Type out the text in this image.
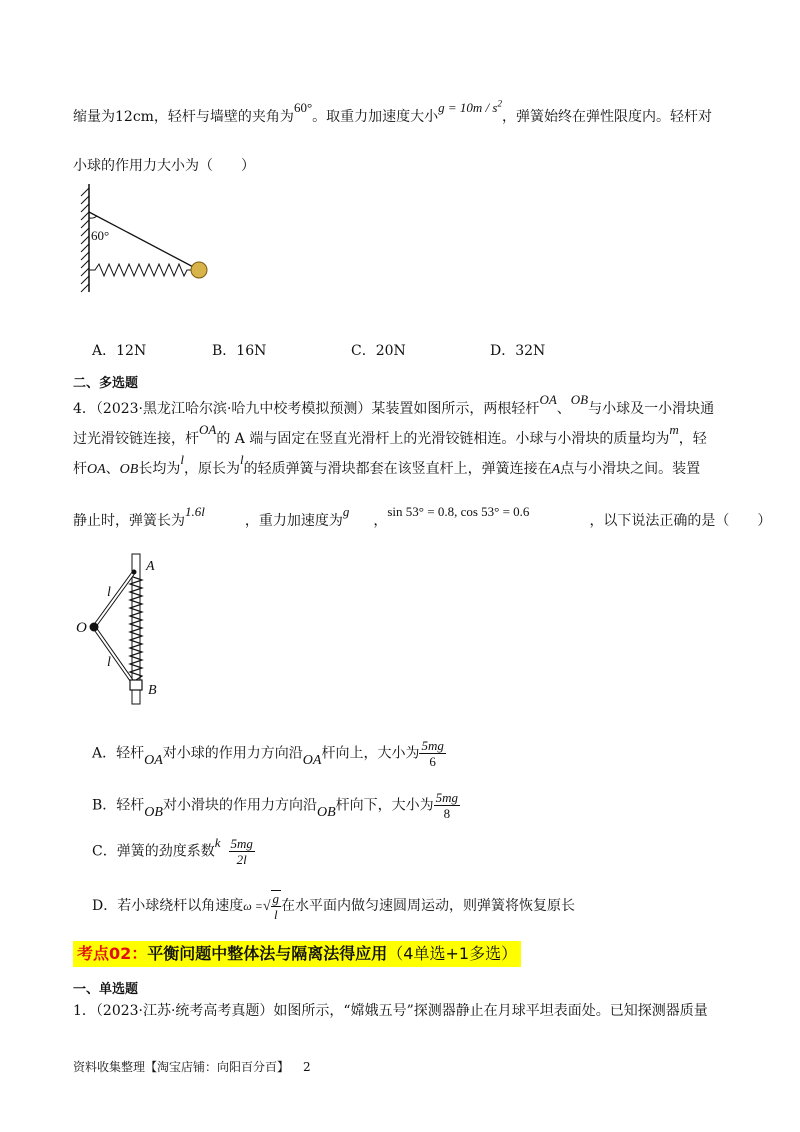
缩量为12cm，轻杆与墙壁的夹角为60°。取重力加速度大小$g = 10m / s^2$，弹簧始终在弹性限度内。轻杆对
小球的作用力大小为（　　）
60°
A．12N	B．16N	C．20N	D．32N
二、多选题
4．（2023·黑龙江哈尔滨·哈九中校考模拟预测）某装置如图所示，两根轻杆OA、OB与小球及一小滑块通
过光滑铰链连接，杆OA的 A 端与固定在竖直光滑杆上的光滑铰链相连。小球与小滑块的质量均为m，轻
杆OA、OB长均为l，原长为l的轻质弹簧与滑块都套在该竖直杆上，弹簧连接在A点与小滑块之间。装置
静止时，弹簧长为1.6l，重力加速度为g，sin 53° = 0.8, cos 53° = 0.6，以下说法正确的是（　　）
A
O
B
l
l
A．轻杆OA对小球的作用力方向沿OA杆向上，大小为 $\frac{5mg}{6}$
B．轻杆OB对小滑块的作用力方向沿OB杆向下，大小为 $\frac{5mg}{8}$
C．弹簧的劲度系数k $\frac{5mg}{2l}$
D．若小球绕杆以角速度ω =√ $\frac{g}{l}$ 在水平面内做匀速圆周运动，则弹簧将恢复原长
考点02：平衡问题中整体法与隔离法得应用（4单选+1多选）
一、单选题
1．（2023·江苏·统考高考真题）如图所示，“嫦娥五号”探测器静止在月球平坦表面处。已知探测器质量
资料收集整理【淘宝店铺：向阳百分百】 2
